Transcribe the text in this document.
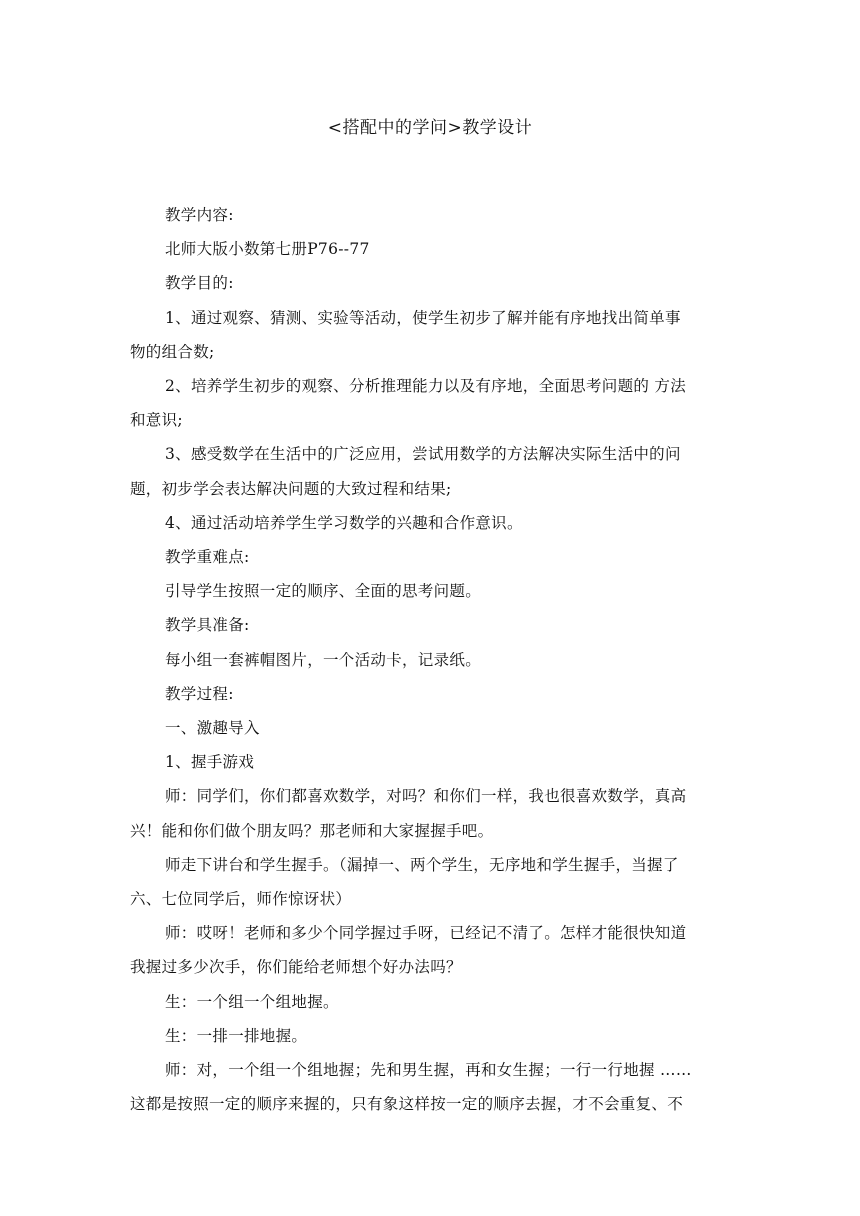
<搭配中的学问>教学设计

教学内容:

北师大版小数第七册P76--77

教学目的:

1、通过观察、猜测、实验等活动，使学生初步了解并能有序地找出简单事

物的组合数;

2、培养学生初步的观察、分析推理能力以及有序地，全面思考问题的 方法

和意识;

3、感受数学在生活中的广泛应用，尝试用数学的方法解决实际生活中的问

题，初步学会表达解决问题的大致过程和结果;

4、通过活动培养学生学习数学的兴趣和合作意识。

教学重难点:

引导学生按照一定的顺序、全面的思考问题。

教学具准备:

每小组一套裤帽图片，一个活动卡，记录纸。

教学过程:

一、激趣导入

1、握手游戏

师：同学们，你们都喜欢数学，对吗？和你们一样，我也很喜欢数学，真高

兴！能和你们做个朋友吗？那老师和大家握握手吧。

师走下讲台和学生握手。（漏掉一、两个学生，无序地和学生握手，当握了

六、七位同学后，师作惊讶状）

师：哎呀！老师和多少个同学握过手呀，已经记不清了。怎样才能很快知道

我握过多少次手，你们能给老师想个好办法吗？

生：一个组一个组地握。

生：一排一排地握。

师：对，一个组一个组地握；先和男生握，再和女生握；一行一行地握 ……

这都是按照一定的顺序来握的，只有象这样按一定的顺序去握，才不会重复、不
